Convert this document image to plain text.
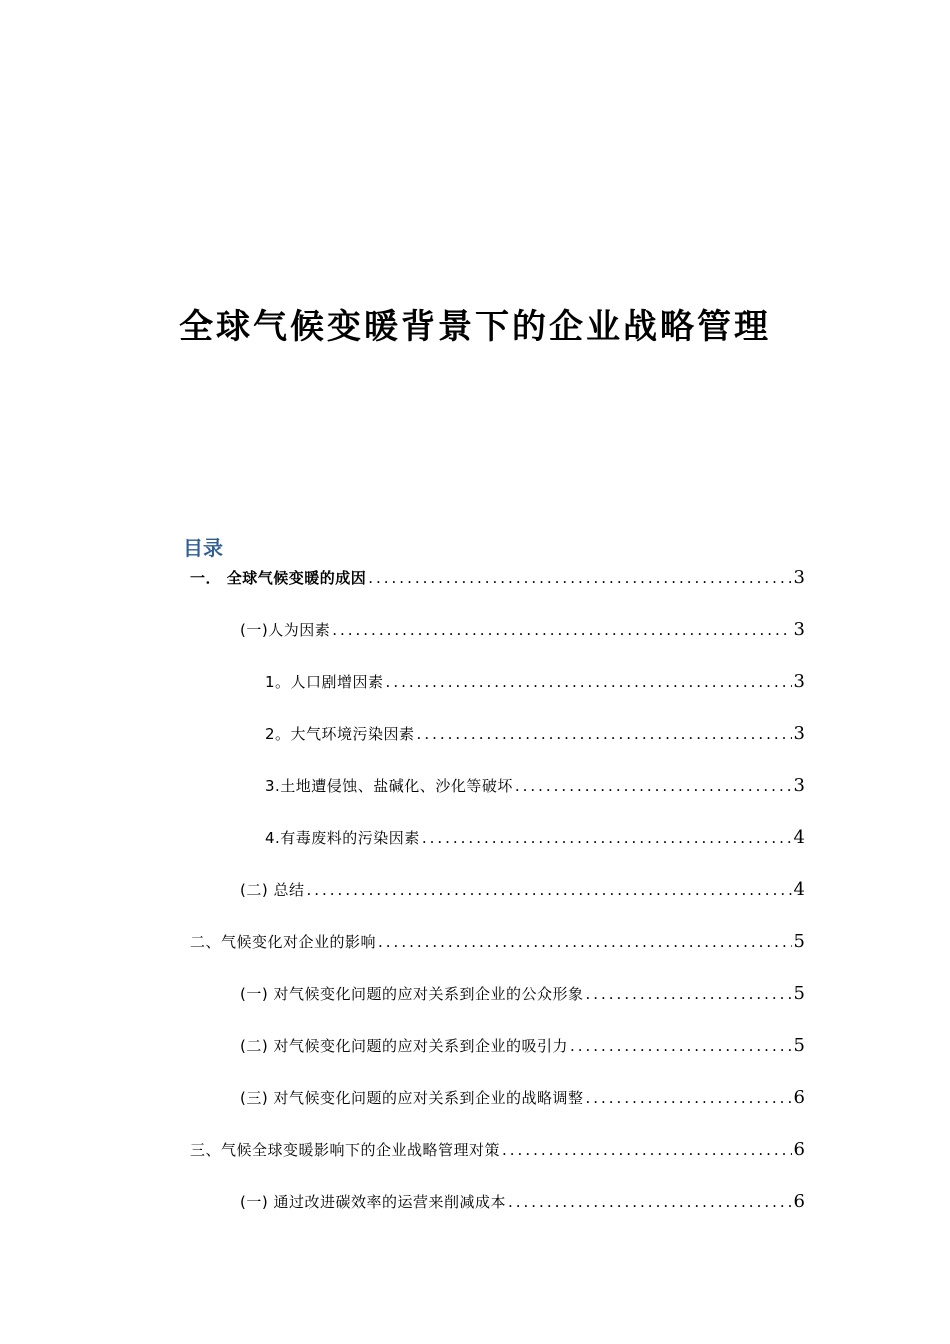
全球气候变暖背景下的企业战略管理
目录
一． 全球气候变暖的成因 .....	3
(一)人为因素 .....	3
1。人口剧增因素 .....	3
2。大气环境污染因素 .....	3
3.土地遭侵蚀、盐碱化、沙化等破坏 .....	3
4.有毒废料的污染因素 .....	4
(二) 总结 .....	4
二、气候变化对企业的影响 .....	5
(一) 对气候变化问题的应对关系到企业的公众形象 .....	5
(二) 对气候变化问题的应对关系到企业的吸引力 .....	5
(三) 对气候变化问题的应对关系到企业的战略调整 .....	6
三、气候全球变暖影响下的企业战略管理对策 .....	6
(一) 通过改进碳效率的运营来削减成本 .....	6
